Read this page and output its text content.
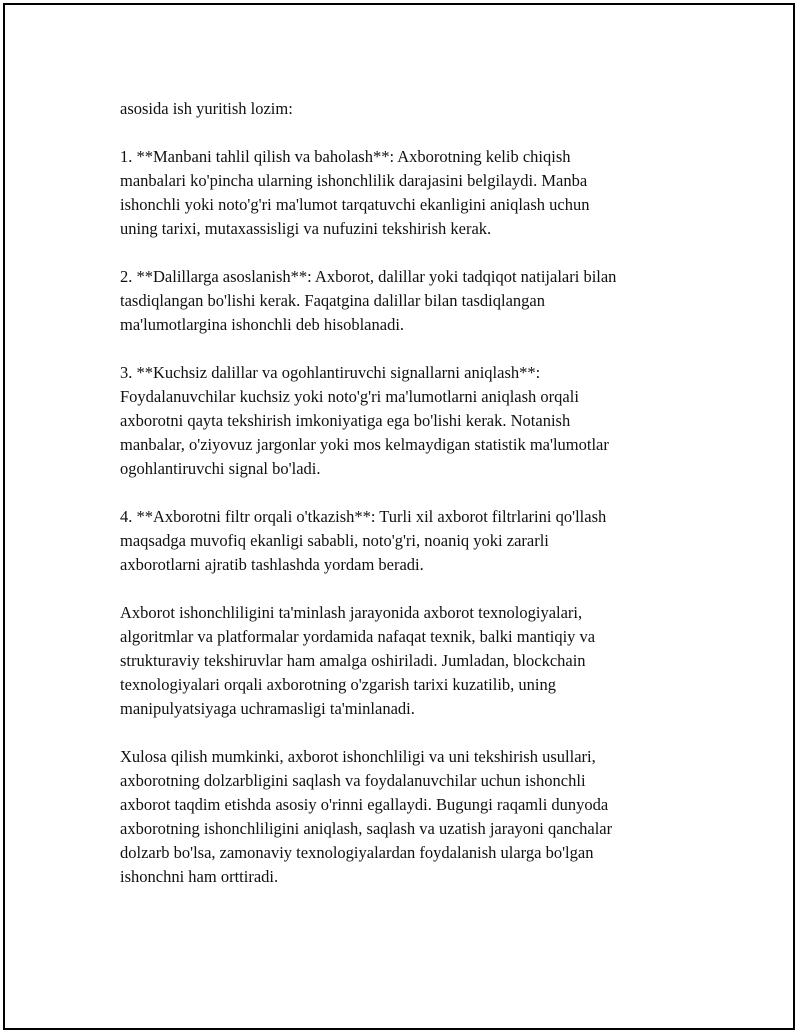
asosida ish yuritish lozim:

1. **Manbani tahlil qilish va baholash**: Axborotning kelib chiqish
manbalari ko'pincha ularning ishonchlilik darajasini belgilaydi. Manba
ishonchli yoki noto'g'ri ma'lumot tarqatuvchi ekanligini aniqlash uchun
uning tarixi, mutaxassisligi va nufuzini tekshirish kerak.

2. **Dalillarga asoslanish**: Axborot, dalillar yoki tadqiqot natijalari bilan
tasdiqlangan bo'lishi kerak. Faqatgina dalillar bilan tasdiqlangan
ma'lumotlargina ishonchli deb hisoblanadi.

3. **Kuchsiz dalillar va ogohlantiruvchi signallarni aniqlash**:
Foydalanuvchilar kuchsiz yoki noto'g'ri ma'lumotlarni aniqlash orqali
axborotni qayta tekshirish imkoniyatiga ega bo'lishi kerak. Notanish
manbalar, o'ziyovuz jargonlar yoki mos kelmaydigan statistik ma'lumotlar
ogohlantiruvchi signal bo'ladi.

4. **Axborotni filtr orqali o'tkazish**: Turli xil axborot filtrlarini qo'llash
maqsadga muvofiq ekanligi sababli, noto'g'ri, noaniq yoki zararli
axborotlarni ajratib tashlashda yordam beradi.

Axborot ishonchliligini ta'minlash jarayonida axborot texnologiyalari,
algoritmlar va platformalar yordamida nafaqat texnik, balki mantiqiy va
strukturaviy tekshiruvlar ham amalga oshiriladi. Jumladan, blockchain
texnologiyalari orqali axborotning o'zgarish tarixi kuzatilib, uning
manipulyatsiyaga uchramasligi ta'minlanadi.

Xulosa qilish mumkinki, axborot ishonchliligi va uni tekshirish usullari,
axborotning dolzarbligini saqlash va foydalanuvchilar uchun ishonchli
axborot taqdim etishda asosiy o'rinni egallaydi. Bugungi raqamli dunyoda
axborotning ishonchliligini aniqlash, saqlash va uzatish jarayoni qanchalar
dolzarb bo'lsa, zamonaviy texnologiyalardan foydalanish ularga bo'lgan
ishonchni ham orttiradi.
